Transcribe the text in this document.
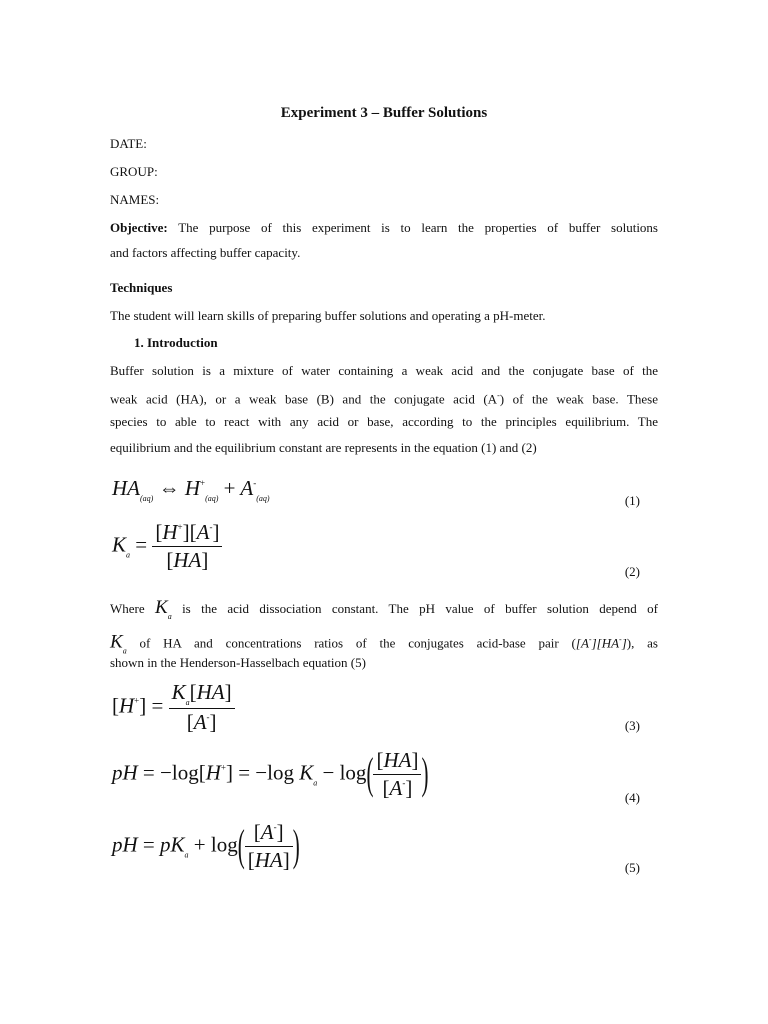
Experiment 3 – Buffer Solutions
DATE:
GROUP:
NAMES:
Objective: The purpose of this experiment is to learn the properties of buffer solutions
and factors affecting buffer capacity.
Techniques
The student will learn skills of preparing buffer solutions and operating a pH-meter.
1. Introduction
Buffer solution is a mixture of water containing a weak acid and the conjugate base of the
weak acid (HA), or a weak base (B) and the conjugate acid (A-) of the weak base. These
species to able to react with any acid or base, according to the principles equilibrium. The
equilibrium and the equilibrium constant are represents in the equation (1) and (2)
$HA_{(aq)}$ ⇔ $H^+_{(aq)} + A^-_{(aq)}$	(1)
$K_a = \frac{[H^+][A^-]}{[HA]}$	(2)
Where $K_a$ is the acid dissociation constant. The pH value of buffer solution depend of
$K_a$ of HA and concentrations ratios of the conjugates acid-base pair ([A-][HA-]), as
shown in the Henderson-Hasselbach equation (5)
$[H^+] = \frac{K_a[HA]}{[A^-]}$	(3)
pH = −log[H+] = −log $K_a - \log( \frac{[HA]}{[A^-]}$ )	(4)
pH = $pK_a + \log( \frac{[A^-]}{[HA]}$ )	(5)
